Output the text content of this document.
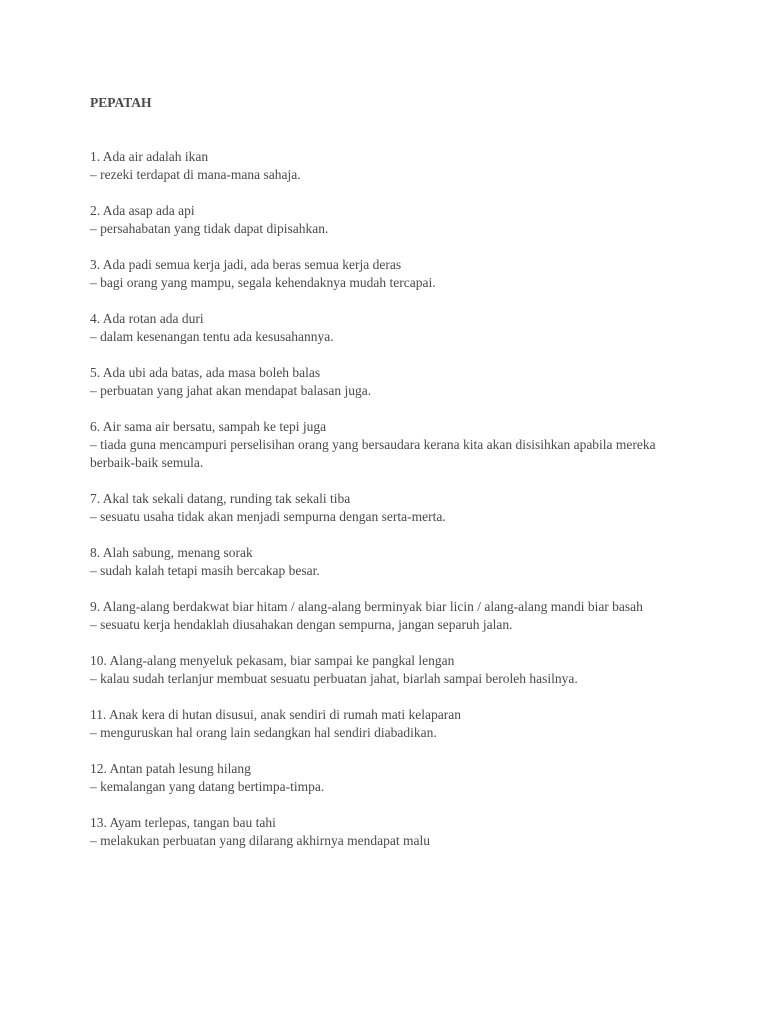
PEPATAH
1. Ada air adalah ikan
– rezeki terdapat di mana-mana sahaja.
2. Ada asap ada api
– persahabatan yang tidak dapat dipisahkan.
3. Ada padi semua kerja jadi, ada beras semua kerja deras
– bagi orang yang mampu, segala kehendaknya mudah tercapai.
4. Ada rotan ada duri
– dalam kesenangan tentu ada kesusahannya.
5. Ada ubi ada batas, ada masa boleh balas
– perbuatan yang jahat akan mendapat balasan juga.
6. Air sama air bersatu, sampah ke tepi juga
– tiada guna mencampuri perselisihan orang yang bersaudara kerana kita akan disisihkan apabila mereka berbaik-baik semula.
7. Akal tak sekali datang, runding tak sekali tiba
– sesuatu usaha tidak akan menjadi sempurna dengan serta-merta.
8. Alah sabung, menang sorak
– sudah kalah tetapi masih bercakap besar.
9. Alang-alang berdakwat biar hitam / alang-alang berminyak biar licin / alang-alang mandi biar basah
– sesuatu kerja hendaklah diusahakan dengan sempurna, jangan separuh jalan.
10. Alang-alang menyeluk pekasam, biar sampai ke pangkal lengan
– kalau sudah terlanjur membuat sesuatu perbuatan jahat, biarlah sampai beroleh hasilnya.
11. Anak kera di hutan disusui, anak sendiri di rumah mati kelaparan
– menguruskan hal orang lain sedangkan hal sendiri diabadikan.
12. Antan patah lesung hilang
– kemalangan yang datang bertimpa-timpa.
13. Ayam terlepas, tangan bau tahi
– melakukan perbuatan yang dilarang akhirnya mendapat malu
